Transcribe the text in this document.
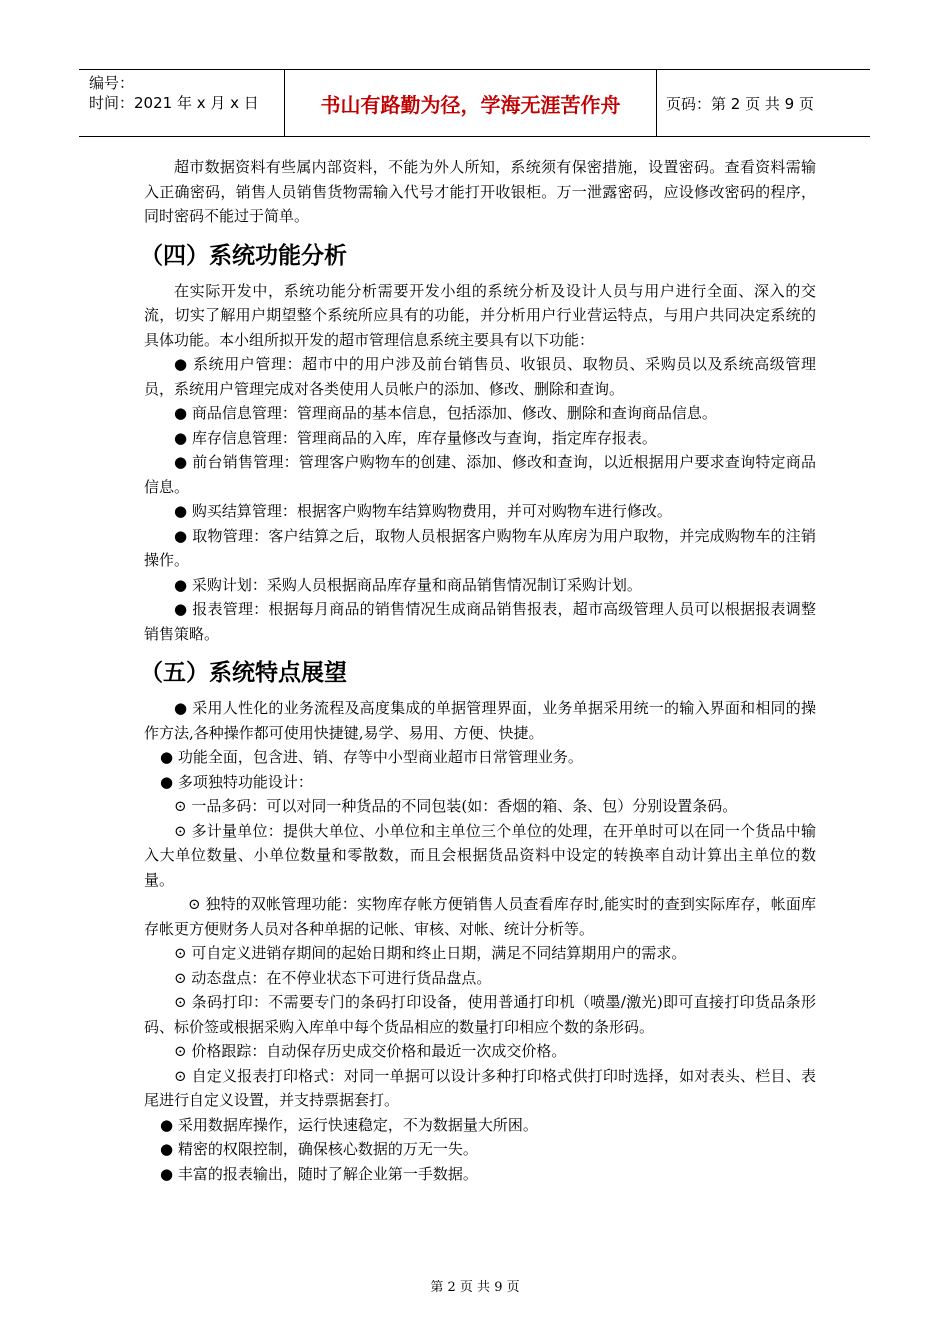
编号：
时间：2021 年 x 月 x 日	书山有路勤为径，学海无涯苦作舟	页码：第 2 页 共 9 页

超市数据资料有些属内部资料，不能为外人所知，系统须有保密措施，设置密码。查看资料需输入正确密码，销售人员销售货物需输入代号才能打开收银柜。万一泄露密码，应设修改密码的程序，同时密码不能过于简单。

（四）系统功能分析

在实际开发中，系统功能分析需要开发小组的系统分析及设计人员与用户进行全面、深入的交流，切实了解用户期望整个系统所应具有的功能，并分析用户行业营运特点，与用户共同决定系统的具体功能。本小组所拟开发的超市管理信息系统主要具有以下功能：

● 系统用户管理：超市中的用户涉及前台销售员、收银员、取物员、采购员以及系统高级管理员，系统用户管理完成对各类使用人员帐户的添加、修改、删除和查询。

● 商品信息管理：管理商品的基本信息，包括添加、修改、删除和查询商品信息。

● 库存信息管理：管理商品的入库，库存量修改与查询，指定库存报表。

● 前台销售管理：管理客户购物车的创建、添加、修改和查询，以近根据用户要求查询特定商品信息。

● 购买结算管理：根据客户购物车结算购物费用，并可对购物车进行修改。

● 取物管理：客户结算之后，取物人员根据客户购物车从库房为用户取物，并完成购物车的注销操作。

● 采购计划：采购人员根据商品库存量和商品销售情况制订采购计划。

● 报表管理：根据每月商品的销售情况生成商品销售报表，超市高级管理人员可以根据报表调整销售策略。

（五）系统特点展望

● 采用人性化的业务流程及高度集成的单据管理界面，业务单据采用统一的输入界面和相同的操作方法,各种操作都可使用快捷键,易学、易用、方便、快捷。

● 功能全面，包含进、销、存等中小型商业超市日常管理业务。

● 多项独特功能设计：

⊙ 一品多码：可以对同一种货品的不同包装(如：香烟的箱、条、包）分别设置条码。

⊙ 多计量单位：提供大单位、小单位和主单位三个单位的处理，在开单时可以在同一个货品中输入大单位数量、小单位数量和零散数，而且会根据货品资料中设定的转换率自动计算出主单位的数量。

⊙ 独特的双帐管理功能：实物库存帐方便销售人员查看库存时,能实时的查到实际库存，帐面库存帐更方便财务人员对各种单据的记帐、审核、对帐、统计分析等。

⊙ 可自定义进销存期间的起始日期和终止日期，满足不同结算期用户的需求。

⊙ 动态盘点：在不停业状态下可进行货品盘点。

⊙ 条码打印：不需要专门的条码打印设备，使用普通打印机（喷墨/激光)即可直接打印货品条形码、标价签或根据采购入库单中每个货品相应的数量打印相应个数的条形码。

⊙ 价格跟踪：自动保存历史成交价格和最近一次成交价格。

⊙ 自定义报表打印格式：对同一单据可以设计多种打印格式供打印时选择，如对表头、栏目、表尾进行自定义设置，并支持票据套打。

● 采用数据库操作，运行快速稳定，不为数据量大所困。

● 精密的权限控制，确保核心数据的万无一失。

● 丰富的报表输出，随时了解企业第一手数据。

第 2 页 共 9 页
